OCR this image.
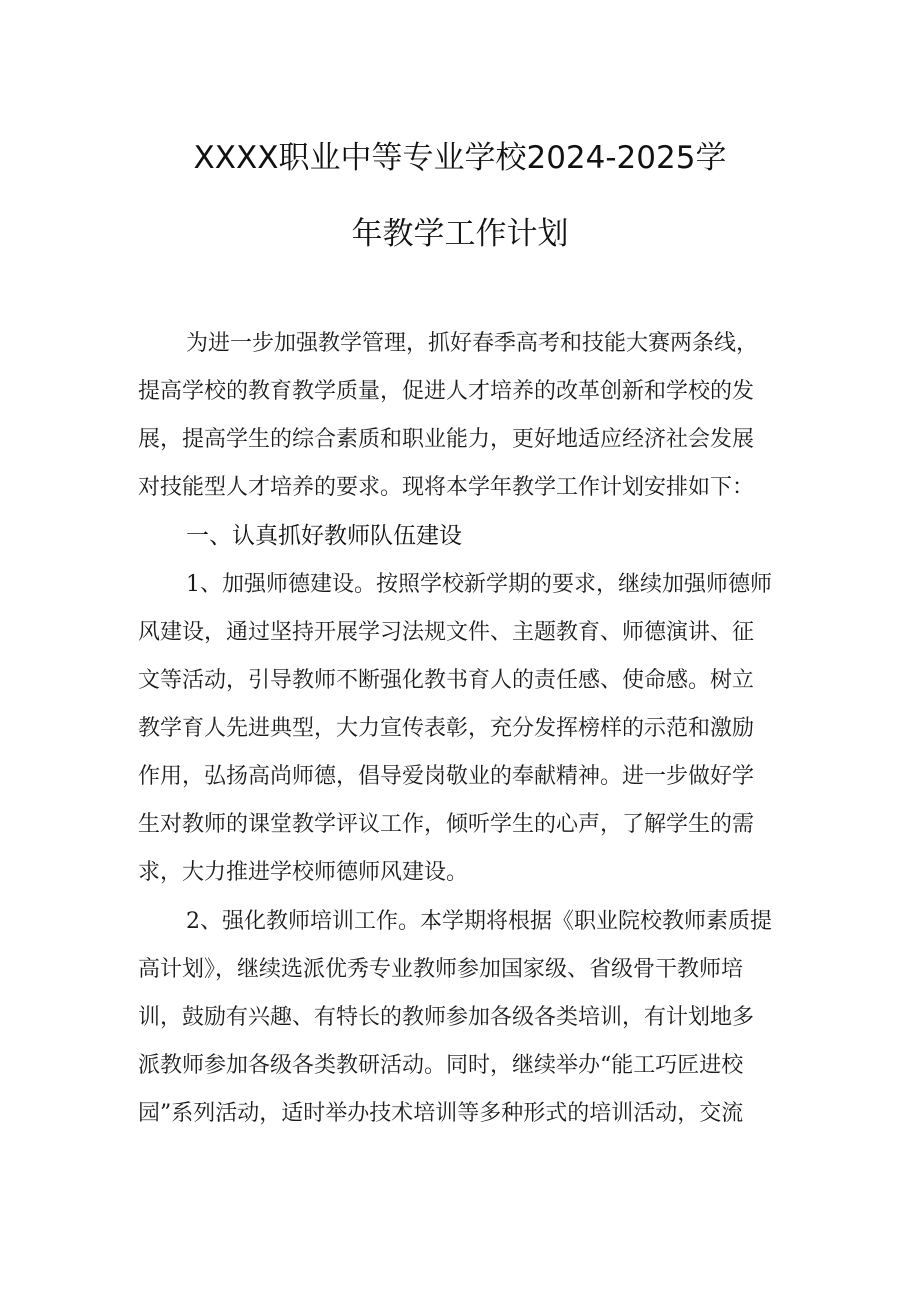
XXXX职业中等专业学校2024-2025学
年教学工作计划
为进一步加强教学管理，抓好春季高考和技能大赛两条线，
提高学校的教育教学质量，促进人才培养的改革创新和学校的发
展，提高学生的综合素质和职业能力，更好地适应经济社会发展
对技能型人才培养的要求。现将本学年教学工作计划安排如下：
一、认真抓好教师队伍建设
1、加强师德建设。按照学校新学期的要求，继续加强师德师
风建设，通过坚持开展学习法规文件、主题教育、师德演讲、征
文等活动，引导教师不断强化教书育人的责任感、使命感。树立
教学育人先进典型，大力宣传表彰，充分发挥榜样的示范和激励
作用，弘扬高尚师德，倡导爱岗敬业的奉献精神。进一步做好学
生对教师的课堂教学评议工作，倾听学生的心声，了解学生的需
求，大力推进学校师德师风建设。
2、强化教师培训工作。本学期将根据《职业院校教师素质提
高计划》，继续选派优秀专业教师参加国家级、省级骨干教师培
训，鼓励有兴趣、有特长的教师参加各级各类培训，有计划地多
派教师参加各级各类教研活动。同时，继续举办“能工巧匠进校
园”系列活动，适时举办技术培训等多种形式的培训活动，交流
